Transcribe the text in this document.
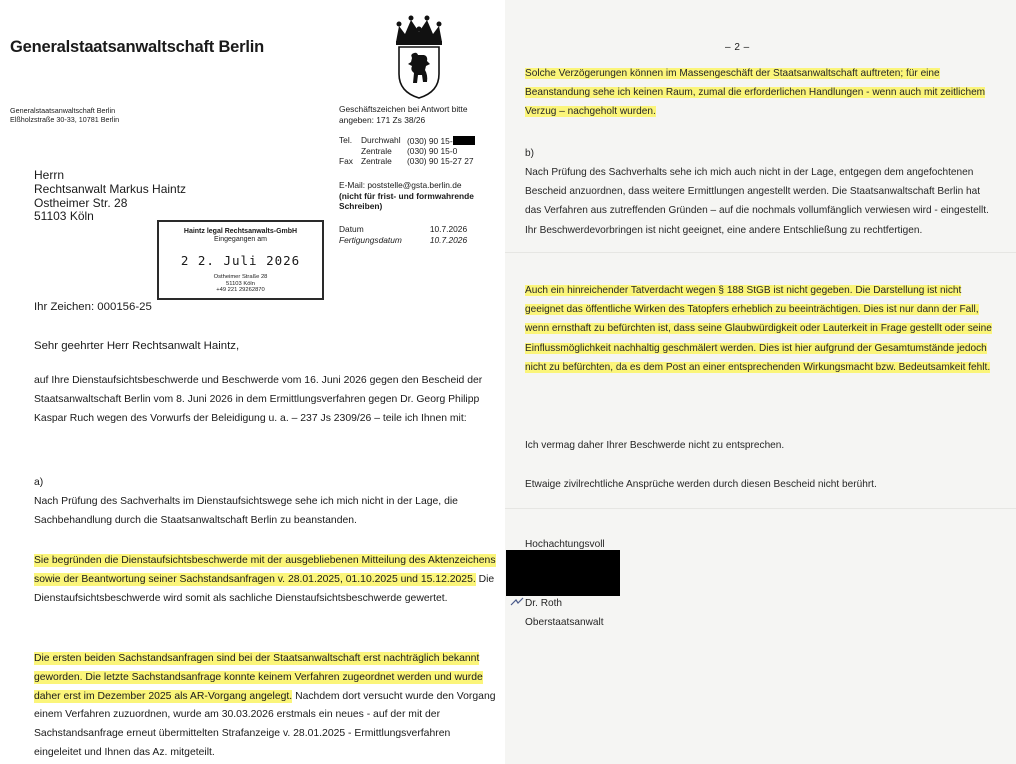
Generalstaatsanwaltschaft Berlin
Generalstaatsanwaltschaft Berlin
Elßholzstraße 30-33, 10781 Berlin
Geschäftszeichen bei Antwort bitte
angeben: 171 Zs 38/26
Tel.	Durchwahl	(030) 90 15-
	Zentrale	(030) 90 15-0
Fax	Zentrale	(030) 90 15-27 27
E-Mail: poststelle@gsta.berlin.de
(nicht für frist- und formwahrende Schreiben)
Datum	10.7.2026
Fertigungsdatum	10.7.2026
Herrn
Rechtsanwalt Markus Haintz
Ostheimer Str. 28
51103 Köln
Haintz legal Rechtsanwalts-GmbH
Eingegangen am
2 2. Juli 2026
Ostheimer Straße 28
51103 Köln
+49 221 29262870
Ihr Zeichen: 000156-25
Sehr geehrter Herr Rechtsanwalt Haintz,
auf Ihre Dienstaufsichtsbeschwerde und Beschwerde vom 16. Juni 2026 gegen den Bescheid der Staatsanwaltschaft Berlin vom 8. Juni 2026 in dem Ermittlungsverfahren gegen Dr. Georg Philipp Kaspar Ruch wegen des Vorwurfs der Beleidigung u. a. – 237 Js 2309/26 – teile ich Ihnen mit:
a)
Nach Prüfung des Sachverhalts im Dienstaufsichtswege sehe ich mich nicht in der Lage, die Sachbehandlung durch die Staatsanwaltschaft Berlin zu beanstanden.
Sie begründen die Dienstaufsichtsbeschwerde mit der ausgebliebenen Mitteilung des Aktenzeichens sowie der Beantwortung seiner Sachstandsanfragen v. 28.01.2025, 01.10.2025 und 15.12.2025. Die Dienstaufsichtsbeschwerde wird somit als sachliche Dienstaufsichtsbeschwerde gewertet.
Die ersten beiden Sachstandsanfragen sind bei der Staatsanwaltschaft erst nachträglich bekannt geworden. Die letzte Sachstandsanfrage konnte keinem Verfahren zugeordnet werden und wurde daher erst im Dezember 2025 als AR-Vorgang angelegt. Nachdem dort versucht wurde den Vorgang einem Verfahren zuzuordnen, wurde am 30.03.2026 erstmals ein neues - auf der mit der Sachstandsanfrage erneut übermittelten Strafanzeige v. 28.01.2025 - Ermittlungsverfahren eingeleitet und Ihnen das Az. mitgeteilt.
– 2 –
Solche Verzögerungen können im Massengeschäft der Staatsanwaltschaft auftreten; für eine Beanstandung sehe ich keinen Raum, zumal die erforderlichen Handlungen - wenn auch mit zeitlichem Verzug – nachgeholt wurden.
b)
Nach Prüfung des Sachverhalts sehe ich mich auch nicht in der Lage, entgegen dem angefochtenen Bescheid anzuordnen, dass weitere Ermittlungen angestellt werden. Die Staatsanwaltschaft Berlin hat das Verfahren aus zutreffenden Gründen – auf die nochmals vollumfänglich verwiesen wird - eingestellt. Ihr Beschwerdevorbringen ist nicht geeignet, eine andere Entschließung zu rechtfertigen.
Auch ein hinreichender Tatverdacht wegen § 188 StGB ist nicht gegeben. Die Darstellung ist nicht geeignet das öffentliche Wirken des Tatopfers erheblich zu beeinträchtigen. Dies ist nur dann der Fall, wenn ernsthaft zu befürchten ist, dass seine Glaubwürdigkeit oder Lauterkeit in Frage gestellt oder seine Einflussmöglichkeit nachhaltig geschmälert werden. Dies ist hier aufgrund der Gesamtumstände jedoch nicht zu befürchten, da es dem Post an einer entsprechenden Wirkungsmacht bzw. Bedeutsamkeit fehlt.
Ich vermag daher Ihrer Beschwerde nicht zu entsprechen.
Etwaige zivilrechtliche Ansprüche werden durch diesen Bescheid nicht berührt.
Hochachtungsvoll
Dr. Roth
Oberstaatsanwalt
